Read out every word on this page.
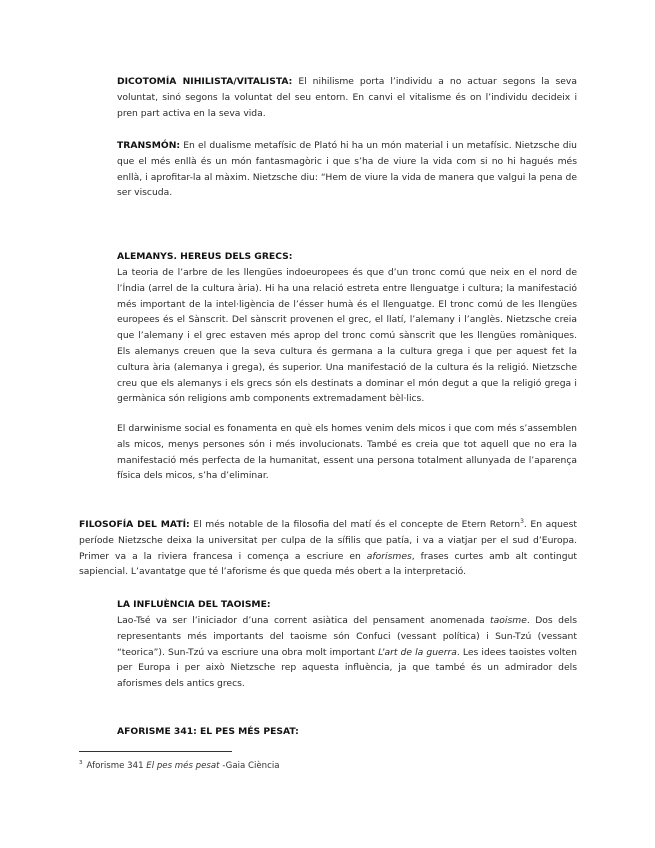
DICOTOMÍA NIHILISTA/VITALISTA: El nihilisme porta l’individu a no actuar segons la seva voluntat, sinó segons la voluntat del seu entorn. En canvi el vitalisme és on l’individu decideix i pren part activa en la seva vida.

TRANSMÓN: En el dualisme metafísic de Plató hi ha un món material i un metafísic. Nietzsche diu que el més enllà és un món fantasmagòric i que s’ha de viure la vida com si no hi hagués més enllà, i aprofitar-la al màxim. Nietzsche diu: “Hem de viure la vida de manera que valgui la pena de ser viscuda.

ALEMANYS. HEREUS DELS GRECS:

La teoria de l’arbre de les llengües indoeuropees és que d’un tronc comú que neix en el nord de l’Índia (arrel de la cultura ària). Hi ha una relació estreta entre llenguatge i cultura; la manifestació més important de la intel·ligència de l’ésser humà és el llenguatge. El tronc comú de les llengües europees és el Sànscrit. Del sànscrit provenen el grec, el llatí, l’alemany i l’anglès. Nietzsche creia que l’alemany i el grec estaven més aprop del tronc comú sànscrit que les llengües romàniques. Els alemanys creuen que la seva cultura és germana a la cultura grega i que per aquest fet la cultura ària (alemanya i grega), és superior. Una manifestació de la cultura és la religió. Nietzsche creu que els alemanys i els grecs són els destinats a dominar el món degut a que la religió grega i germànica són religions amb components extremadament bèl·lics.

El darwinisme social es fonamenta en què els homes venim dels micos i que com més s’assemblen als micos, menys persones són i més involucionats. També es creia que tot aquell que no era la manifestació més perfecta de la humanitat, essent una persona totalment allunyada de l’aparença física dels micos, s’ha d’eliminar.

FILOSOFÍA DEL MATÍ: El més notable de la filosofia del matí és el concepte de Etern Retorn$^3$. En aquest període Nietzsche deixa la universitat per culpa de la sífilis que patía, i va a viatjar per el sud d’Europa. Primer va a la riviera francesa i comença a escriure en aforismes, frases curtes amb alt contingut sapiencial. L’avantatge que té l’aforisme és que queda més obert a la interpretació.

LA INFLUÈNCIA DEL TAOISME:

Lao-Tsé va ser l’iniciador d’una corrent asiàtica del pensament anomenada taoisme. Dos dels representants més importants del taoisme són Confuci (vessant política) i Sun-Tzú (vessant “teorica”). Sun-Tzú va escriure una obra molt important L’art de la guerra. Les idees taoistes volten per Europa i per això Nietzsche rep aquesta influència, ja que també és un admirador dels aforismes dels antics grecs.

AFORISME 341: EL PES MÉS PESAT:

$^3$ Aforisme 341 El pes més pesat -Gaia Ciència
